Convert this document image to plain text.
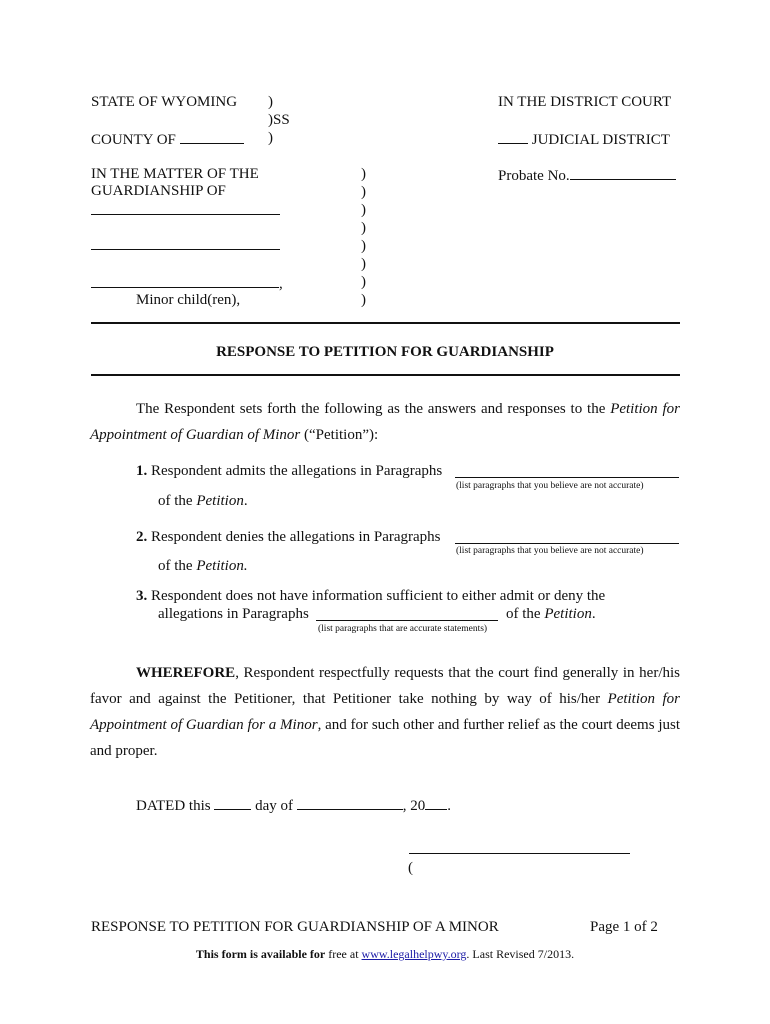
STATE OF WYOMING )
)SS
)
COUNTY OF
IN THE DISTRICT COURT
JUDICIAL DISTRICT
IN THE MATTER OF THE
GUARDIANSHIP OF
,
Minor child(ren),
)
)
)
)
)
)
)
)
Probate No.
RESPONSE TO PETITION FOR GUARDIANSHIP
The Respondent sets forth the following as the answers and responses to the Petition for Appointment of Guardian of Minor (“Petition”):
1. Respondent admits the allegations in Paragraphs
(list paragraphs that you believe are not accurate)
of the Petition.
2. Respondent denies the allegations in Paragraphs
(list paragraphs that you believe are not accurate)
of the Petition.
3. Respondent does not have information sufficient to either admit or deny the
allegations in Paragraphs	of the Petition.
(list paragraphs that are accurate statements)
WHEREFORE, Respondent respectfully requests that the court find generally in her/his favor and against the Petitioner, that Petitioner take nothing by way of his/her Petition for Appointment of Guardian for a Minor, and for such other and further relief as the court deems just and proper.
DATED this	day of	, 20 .
(
RESPONSE TO PETITION FOR GUARDIANSHIP OF A MINOR	Page 1 of 2
This form is available for free at www.legalhelpwy.org. Last Revised 7/2013.
